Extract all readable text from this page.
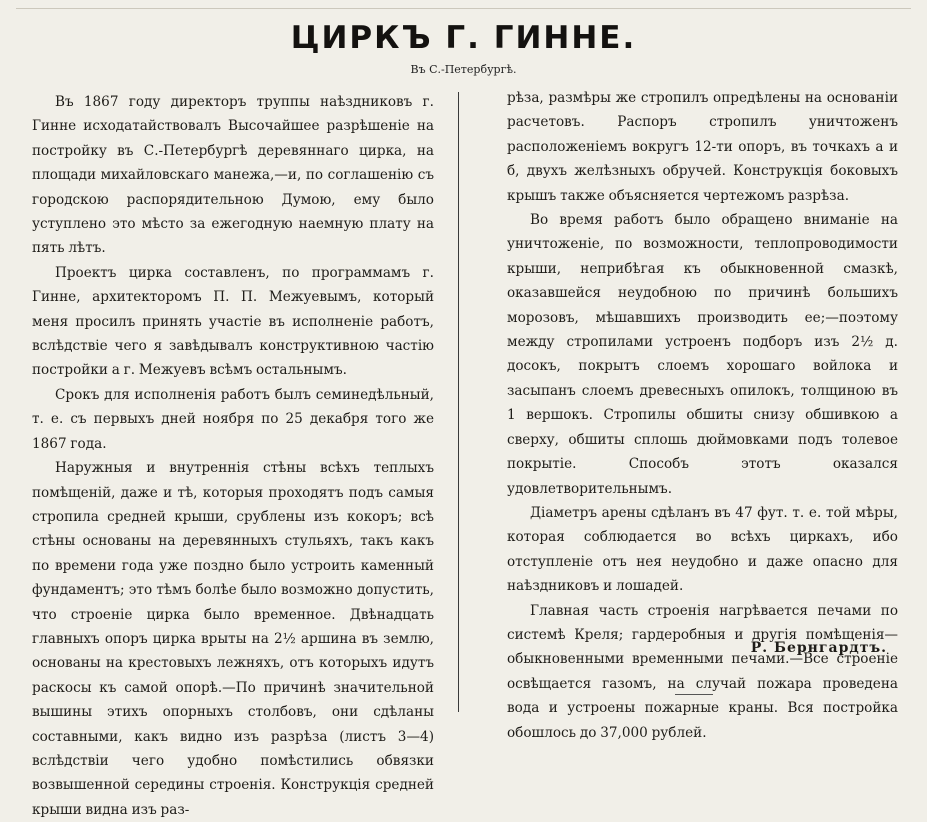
ЦИРКЪ Г. ГИННЕ.
Въ С.-Петербургѣ.

Въ 1867 году директоръ труппы наѣздниковъ г. Гинне исходатайствовалъ Высочайшее разрѣшеніе на постройку въ С.-Петербургѣ деревяннаго цирка, на площади михайловскаго манежа,—и, по соглашенію съ городскою распорядительною Думою, ему было уступлено это мѣсто за ежегодную наемную плату на пять лѣтъ.

Проектъ цирка составленъ, по программамъ г. Гинне, архитекторомъ П. П. Межуевымъ, который меня просилъ принять участіе въ исполненіе работъ, вслѣдствіе чего я завѣдывалъ конструктивною частію постройки а г. Межуевъ всѣмъ остальнымъ.

Срокъ для исполненія работъ былъ семинедѣльный, т. е. съ первыхъ дней ноября по 25 декабря того же 1867 года.

Наружныя и внутреннія стѣны всѣхъ теплыхъ помѣщеній, даже и тѣ, которыя проходятъ подъ самыя стропила средней крыши, срублены изъ кокоръ; всѣ стѣны основаны на деревянныхъ стульяхъ, такъ какъ по времени года уже поздно было устроить каменный фундаментъ; это тѣмъ болѣе было возможно допустить, что строеніе цирка было временное. Двѣнадцать главныхъ опоръ цирка врыты на 2½ аршина въ землю, основаны на крестовыхъ лежняхъ, отъ которыхъ идутъ раскосы къ самой опорѣ.—По причинѣ значительной вышины этихъ опорныхъ столбовъ, они сдѣланы составными, какъ видно изъ разрѣза (листъ 3—4) вслѣдствіи чего удобно помѣстились обвязки возвышенной середины строенія. Конструкція средней крыши видна изъ раз-

рѣза, размѣры же стропилъ опредѣлены на основаніи расчетовъ. Распоръ стропилъ уничтоженъ расположеніемъ вокругъ 12-ти опоръ, въ точкахъ а и б, двухъ желѣзныхъ обручей. Конструкція боковыхъ крышъ также объясняется чертежомъ разрѣза.

Во время работъ было обращено вниманіе на уничтоженіе, по возможности, теплопроводимости крыши, неприбѣгая къ обыкновенной смазкѣ, оказавшейся неудобною по причинѣ большихъ морозовъ, мѣшавшихъ производить ее;—поэтому между стропилами устроенъ подборъ изъ 2½ д. досокъ, покрытъ слоемъ хорошаго войлока и засыпанъ слоемъ древесныхъ опилокъ, толщиною въ 1 вершокъ. Стропилы обшиты снизу обшивкою а сверху, обшиты сплошь дюймовками подъ толевое покрытіе. Способъ этотъ оказался удовлетворительнымъ.

Діаметръ арены сдѣланъ въ 47 фут. т. е. той мѣры, которая соблюдается во всѣхъ циркахъ, ибо отступленіе отъ нея неудобно и даже опасно для наѣздниковъ и лошадей.

Главная часть строенія нагрѣвается печами по системѣ Креля; гардеробныя и другія помѣщенія—обыкновенными временными печами.—Все строеніе освѣщается газомъ, на случай пожара проведена вода и устроены пожарные краны. Вся постройка обошлось до 37,000 рублей.

Р. Бернгардтъ.
